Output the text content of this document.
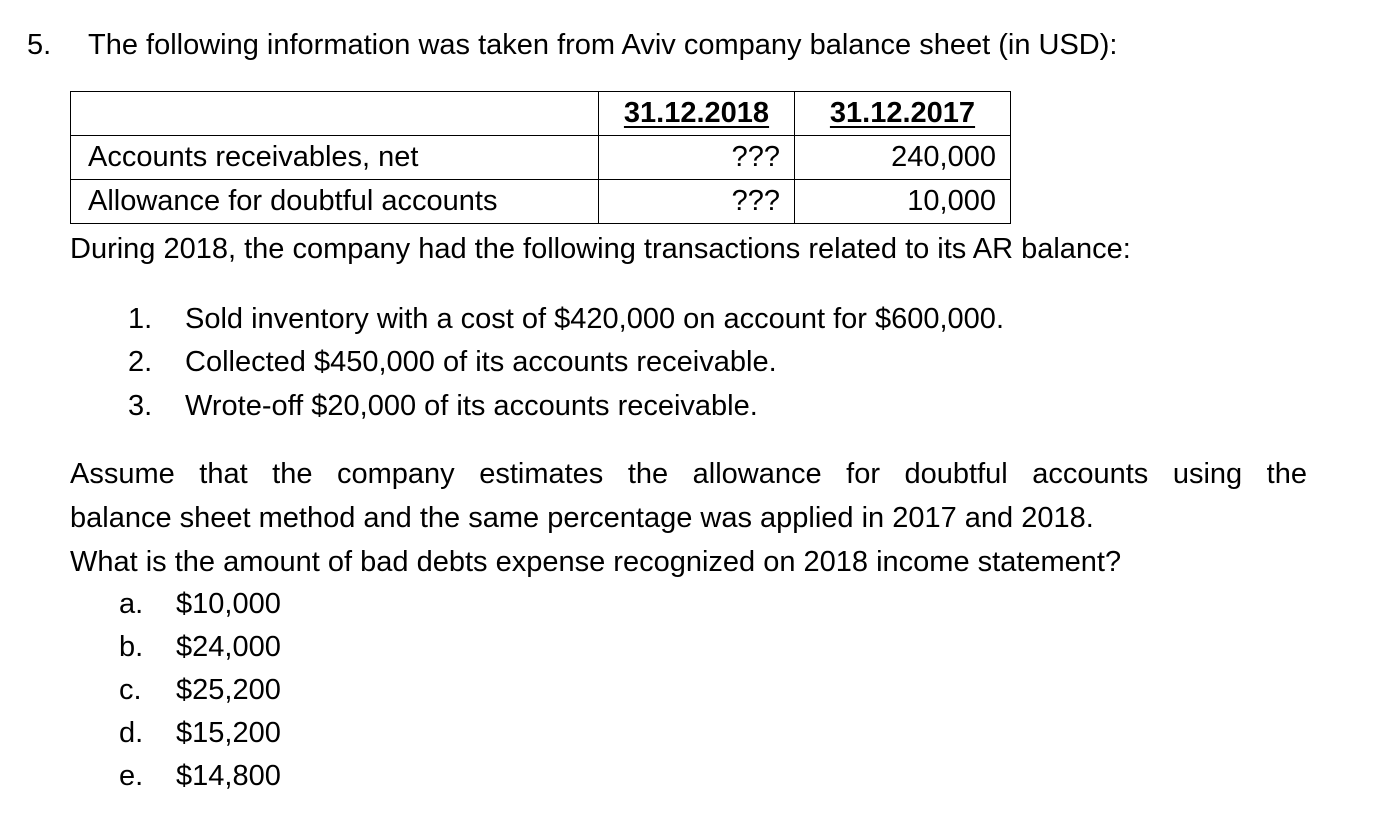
5. The following information was taken from Aviv company balance sheet (in USD):
	31.12.2018	31.12.2017
Accounts receivables, net	???	240,000
Allowance for doubtful accounts	???	10,000
During 2018, the company had the following transactions related to its AR balance:
1. Sold inventory with a cost of $420,000 on account for $600,000.
2. Collected $450,000 of its accounts receivable.
3. Wrote-off $20,000 of its accounts receivable.
Assume that the company estimates the allowance for doubtful accounts using the
balance sheet method and the same percentage was applied in 2017 and 2018.
What is the amount of bad debts expense recognized on 2018 income statement?
a. $10,000
b. $24,000
c. $25,200
d. $15,200
e. $14,800
